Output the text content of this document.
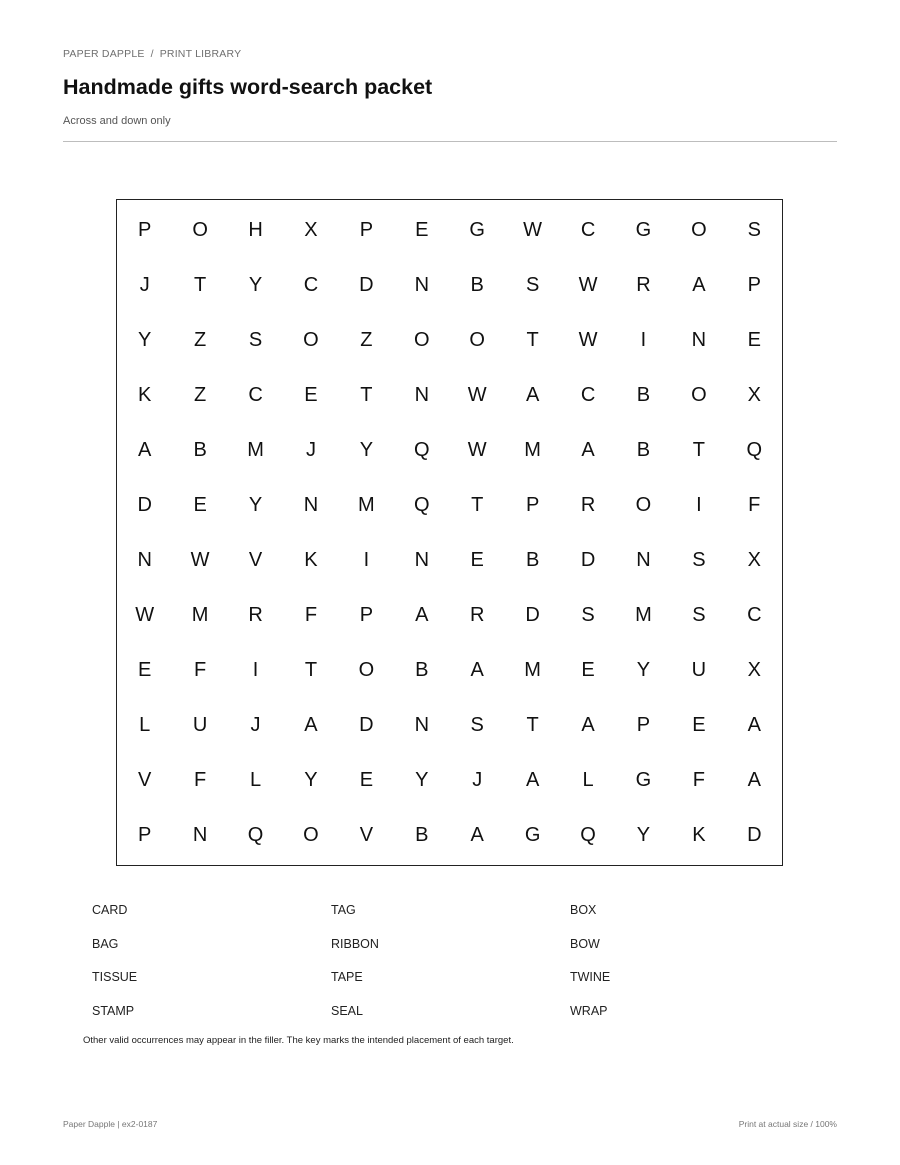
PAPER DAPPLE / PRINT LIBRARY
Handmade gifts word-search packet
Across and down only
P	O	H	X	P	E	G	W	C	G	O	S
J	T	Y	C	D	N	B	S	W	R	A	P
Y	Z	S	O	Z	O	O	T	W	I	N	E
K	Z	C	E	T	N	W	A	C	B	O	X
A	B	M	J	Y	Q	W	M	A	B	T	Q
D	E	Y	N	M	Q	T	P	R	O	I	F
N	W	V	K	I	N	E	B	D	N	S	X
W	M	R	F	P	A	R	D	S	M	S	C
E	F	I	T	O	B	A	M	E	Y	U	X
L	U	J	A	D	N	S	T	A	P	E	A
V	F	L	Y	E	Y	J	A	L	G	F	A
P	N	Q	O	V	B	A	G	Q	Y	K	D
CARD	TAG	BOX
BAG	RIBBON	BOW
TISSUE	TAPE	TWINE
STAMP	SEAL	WRAP
Other valid occurrences may appear in the filler. The key marks the intended placement of each target.
Paper Dapple | ex2-0187	Print at actual size / 100%
